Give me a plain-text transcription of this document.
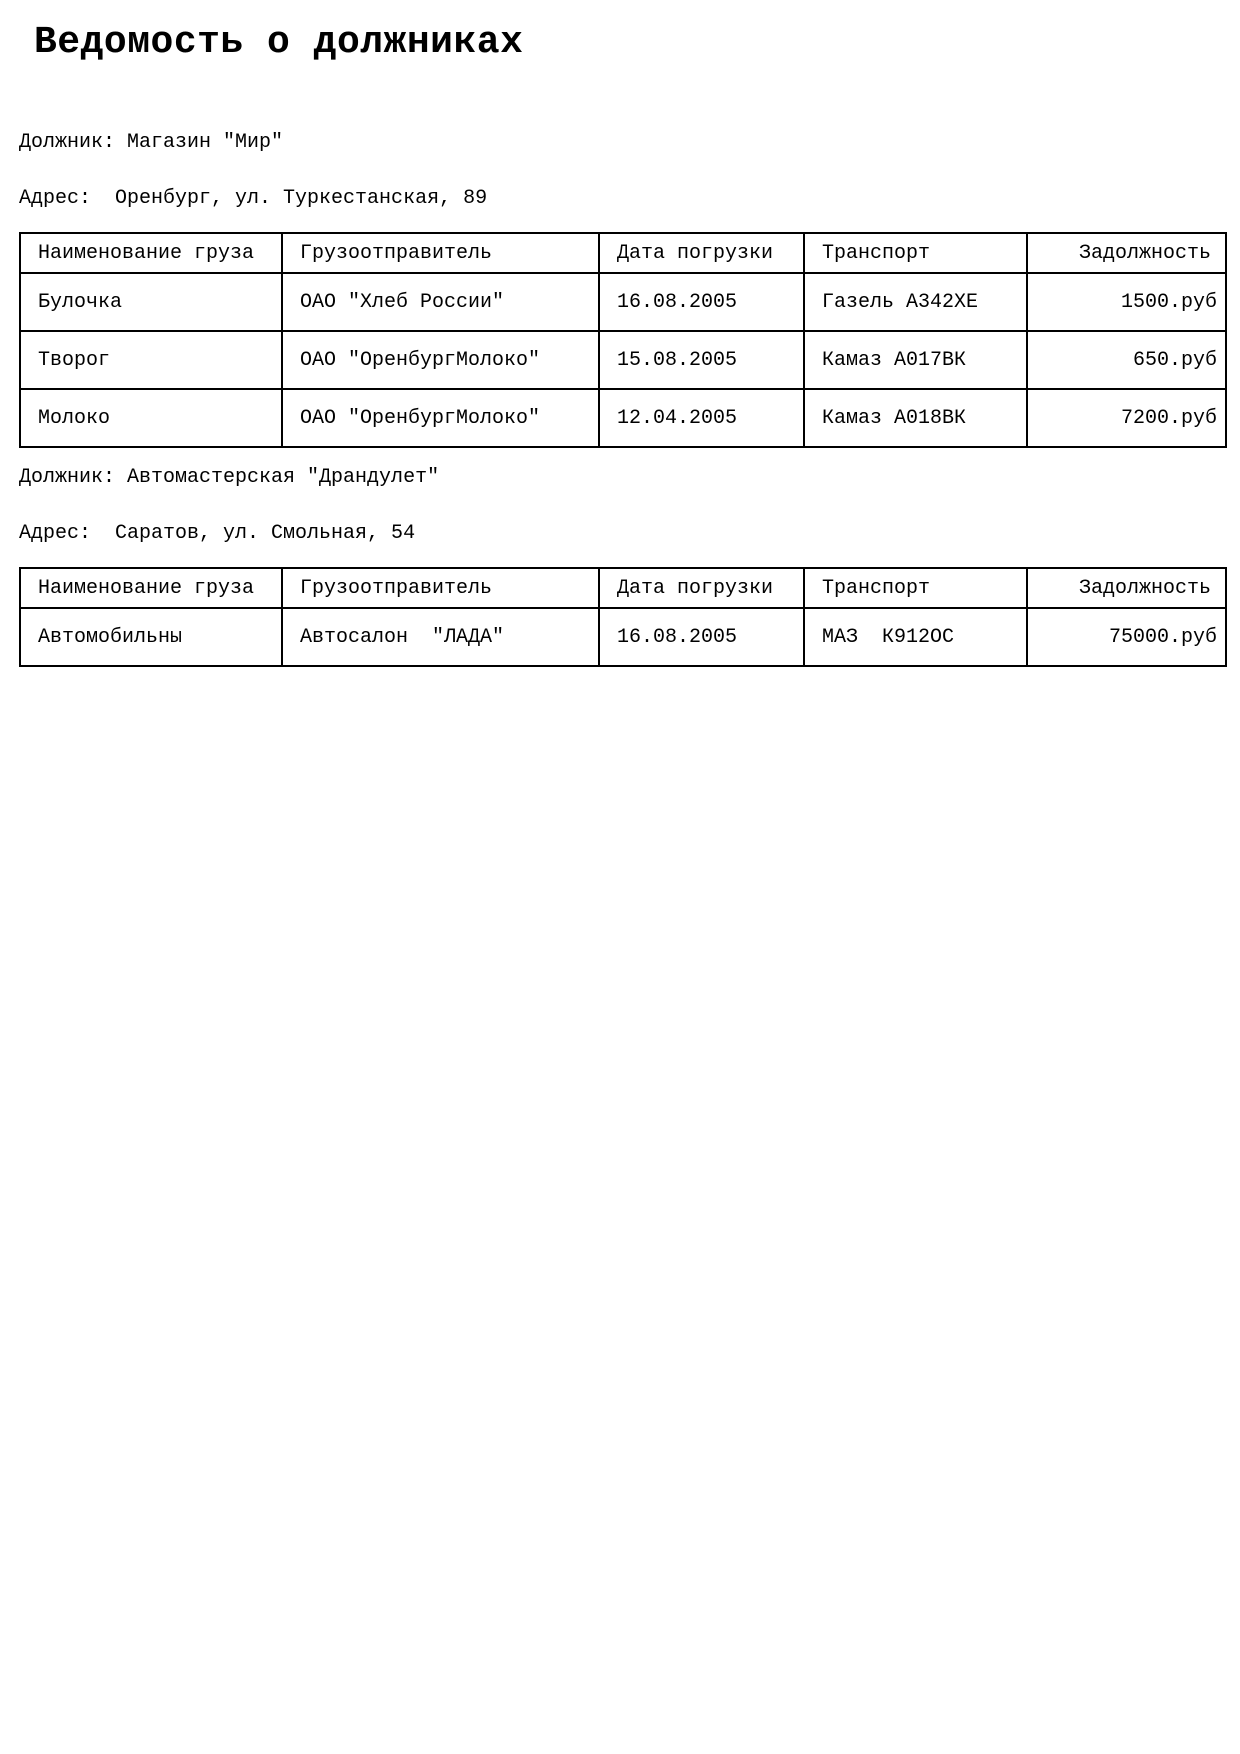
Ведомость о должниках
Должник: Магазин "Мир"
Адрес:  Оренбург, ул. Туркестанская, 89
Наименование груза	Грузоотправитель	Дата погрузки	Транспорт	Задолжность
Булочка	ОАО "Хлеб России"	16.08.2005	Газель А342ХЕ	1500.руб
Творог	ОАО "ОренбургМолоко"	15.08.2005	Камаз А017ВК	650.руб
Молоко	ОАО "ОренбургМолоко"	12.04.2005	Камаз А018ВК	7200.руб
Должник: Автомастерская "Драндулет"
Адрес:  Саратов, ул. Смольная, 54
Наименование груза	Грузоотправитель	Дата погрузки	Транспорт	Задолжность
Автомобильны	Автосалон  "ЛАДА"	16.08.2005	МАЗ  К912ОС	75000.руб
